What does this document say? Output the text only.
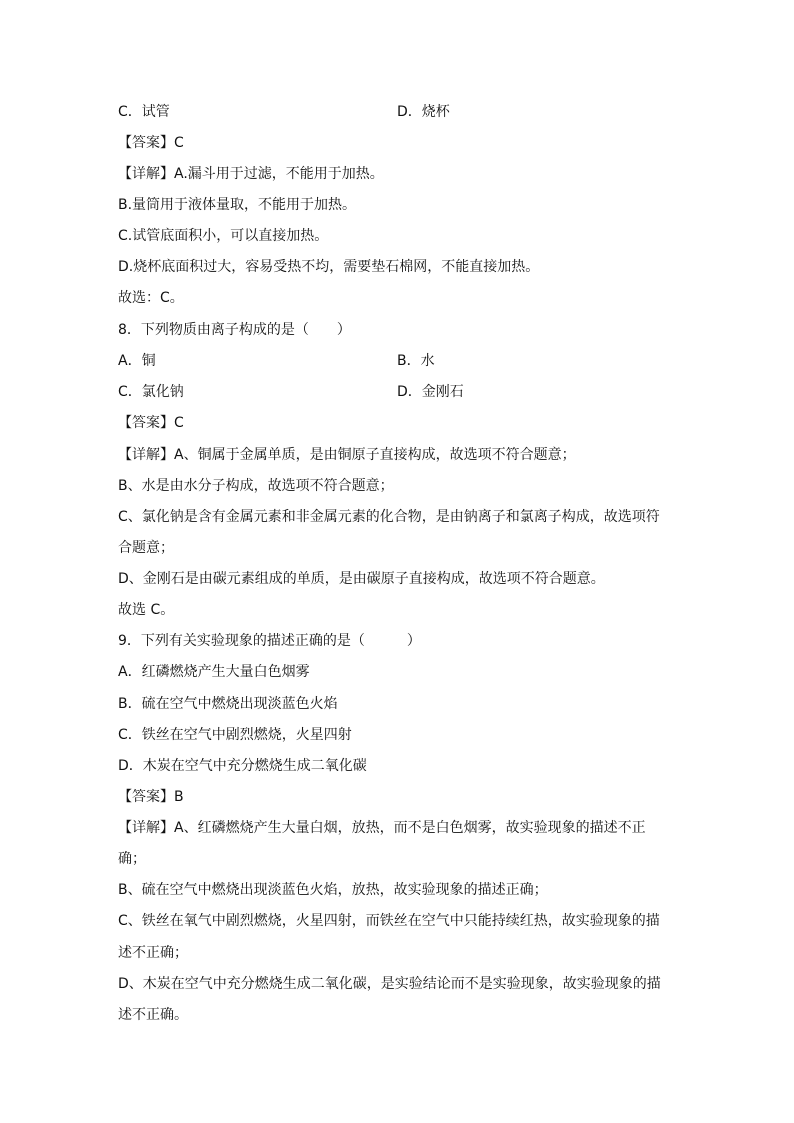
C．试管	D．烧杯
【答案】C
【详解】A.漏斗用于过滤，不能用于加热。
B.量筒用于液体量取，不能用于加热。
C.试管底面积小，可以直接加热。
D.烧杯底面积过大，容易受热不均，需要垫石棉网，不能直接加热。
故选：C。
8．下列物质由离子构成的是（　　）
A．铜	B．水
C．氯化钠	D．金刚石
【答案】C
【详解】A、铜属于金属单质，是由铜原子直接构成，故选项不符合题意；
B、水是由水分子构成，故选项不符合题意；
C、氯化钠是含有金属元素和非金属元素的化合物，是由钠离子和氯离子构成，故选项符
合题意；
D、金刚石是由碳元素组成的单质，是由碳原子直接构成，故选项不符合题意。
故选 C。
9．下列有关实验现象的描述正确的是（　　　）
A．红磷燃烧产生大量白色烟雾
B．硫在空气中燃烧出现淡蓝色火焰
C．铁丝在空气中剧烈燃烧，火星四射
D．木炭在空气中充分燃烧生成二氧化碳
【答案】B
【详解】A、红磷燃烧产生大量白烟，放热，而不是白色烟雾，故实验现象的描述不正
确；
B、硫在空气中燃烧出现淡蓝色火焰，放热，故实验现象的描述正确；
C、铁丝在氧气中剧烈燃烧，火星四射，而铁丝在空气中只能持续红热，故实验现象的描
述不正确；
D、木炭在空气中充分燃烧生成二氧化碳，是实验结论而不是实验现象，故实验现象的描
述不正确。
